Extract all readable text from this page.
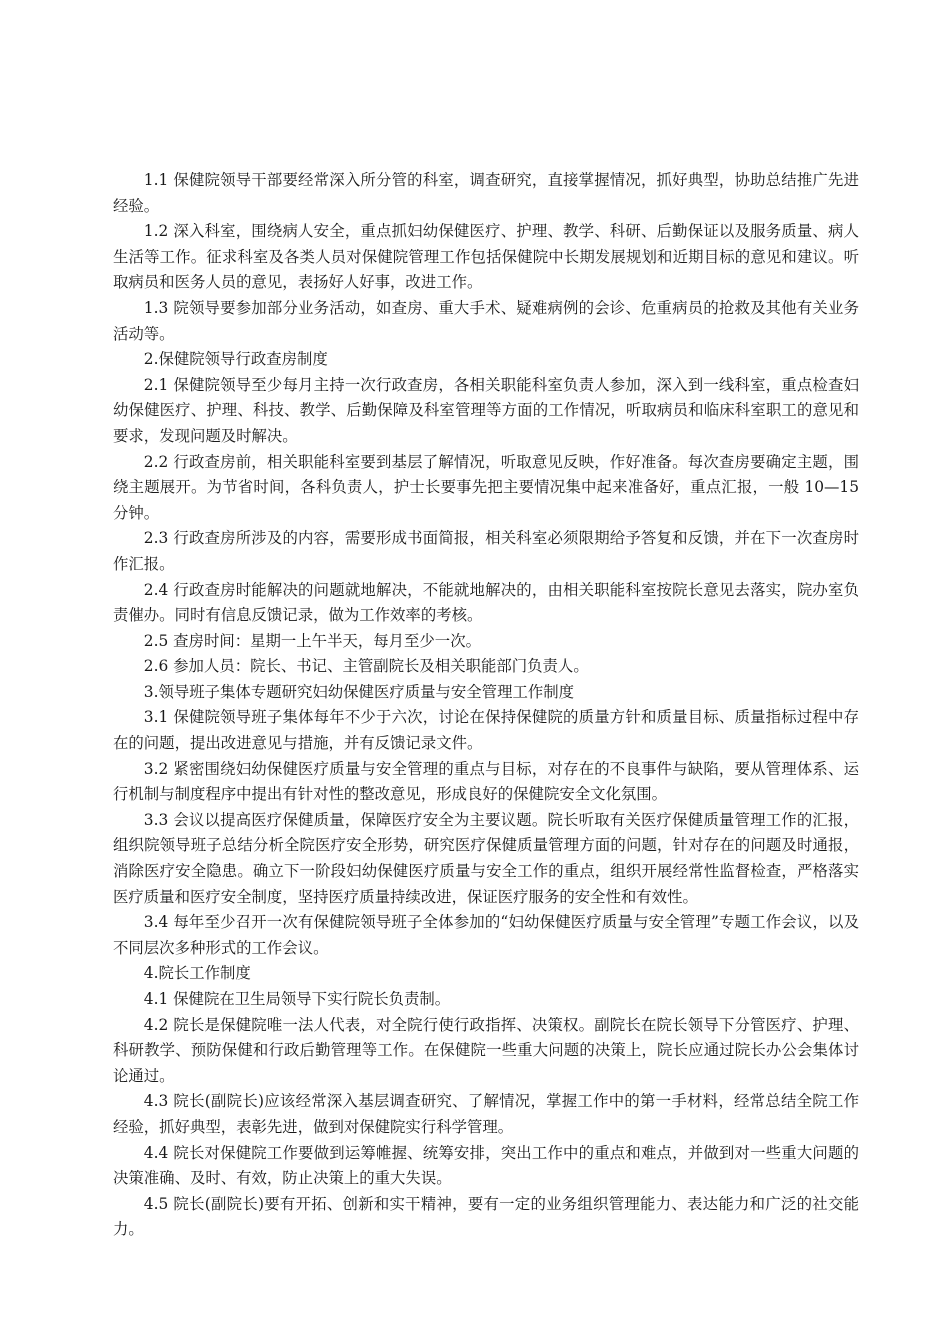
1.1 保健院领导干部要经常深入所分管的科室，调查研究，直接掌握情况，抓好典型，协助总结推广先进经验。

1.2 深入科室，围绕病人安全，重点抓妇幼保健医疗、护理、教学、科研、后勤保证以及服务质量、病人生活等工作。征求科室及各类人员对保健院管理工作包括保健院中长期发展规划和近期目标的意见和建议。听取病员和医务人员的意见，表扬好人好事，改进工作。

1.3 院领导要参加部分业务活动，如查房、重大手术、疑难病例的会诊、危重病员的抢救及其他有关业务活动等。

2.保健院领导行政查房制度

2.1 保健院领导至少每月主持一次行政查房，各相关职能科室负责人参加，深入到一线科室，重点检查妇幼保健医疗、护理、科技、教学、后勤保障及科室管理等方面的工作情况，听取病员和临床科室职工的意见和要求，发现问题及时解决。

2.2 行政查房前，相关职能科室要到基层了解情况，听取意见反映，作好准备。每次查房要确定主题，围绕主题展开。为节省时间，各科负责人，护士长要事先把主要情况集中起来准备好，重点汇报，一般 10—15 分钟。

2.3 行政查房所涉及的内容，需要形成书面简报，相关科室必须限期给予答复和反馈，并在下一次查房时作汇报。

2.4 行政查房时能解决的问题就地解决，不能就地解决的，由相关职能科室按院长意见去落实，院办室负责催办。同时有信息反馈记录，做为工作效率的考核。

2.5 查房时间：星期一上午半天，每月至少一次。

2.6 参加人员：院长、书记、主管副院长及相关职能部门负责人。

3.领导班子集体专题研究妇幼保健医疗质量与安全管理工作制度

3.1 保健院领导班子集体每年不少于六次，讨论在保持保健院的质量方针和质量目标、质量指标过程中存在的问题，提出改进意见与措施，并有反馈记录文件。

3.2 紧密围绕妇幼保健医疗质量与安全管理的重点与目标，对存在的不良事件与缺陷，要从管理体系、运行机制与制度程序中提出有针对性的整改意见，形成良好的保健院安全文化氛围。

3.3 会议以提高医疗保健质量，保障医疗安全为主要议题。院长听取有关医疗保健质量管理工作的汇报，组织院领导班子总结分析全院医疗安全形势，研究医疗保健质量管理方面的问题，针对存在的问题及时通报，消除医疗安全隐患。确立下一阶段妇幼保健医疗质量与安全工作的重点，组织开展经常性监督检查，严格落实医疗质量和医疗安全制度，坚持医疗质量持续改进，保证医疗服务的安全性和有效性。

3.4 每年至少召开一次有保健院领导班子全体参加的“妇幼保健医疗质量与安全管理”专题工作会议，以及不同层次多种形式的工作会议。

4.院长工作制度

4.1 保健院在卫生局领导下实行院长负责制。

4.2 院长是保健院唯一法人代表，对全院行使行政指挥、决策权。副院长在院长领导下分管医疗、护理、科研教学、预防保健和行政后勤管理等工作。在保健院一些重大问题的决策上，院长应通过院长办公会集体讨论通过。

4.3 院长(副院长)应该经常深入基层调查研究、了解情况，掌握工作中的第一手材料，经常总结全院工作经验，抓好典型，表彰先进，做到对保健院实行科学管理。

4.4 院长对保健院工作要做到运筹帷握、统筹安排，突出工作中的重点和难点，并做到对一些重大问题的决策准确、及时、有效，防止决策上的重大失误。

4.5 院长(副院长)要有开拓、创新和实干精神，要有一定的业务组织管理能力、表达能力和广泛的社交能力。
